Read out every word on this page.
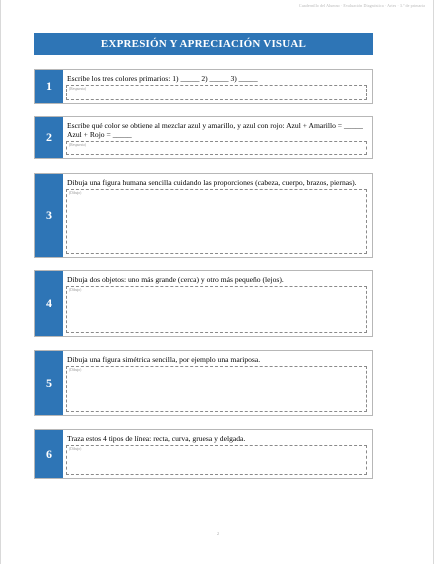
Cuadernillo del Alumno · Evaluación Diagnóstica · Artes · 3.º de primaria
EXPRESIÓN Y APRECIACIÓN VISUAL
1
Escribe los tres colores primarios: 1) _____ 2) _____ 3) _____
(Respuesta)
2
Escribe qué color se obtiene al mezclar azul y amarillo, y azul con rojo: Azul + Amarillo = _____ Azul + Rojo = _____
(Respuesta)
3
Dibuja una figura humana sencilla cuidando las proporciones (cabeza, cuerpo, brazos, piernas).
(Dibujo)
4
Dibuja dos objetos: uno más grande (cerca) y otro más pequeño (lejos).
(Dibujo)
5
Dibuja una figura simétrica sencilla, por ejemplo una mariposa.
(Dibujo)
6
Traza estos 4 tipos de línea: recta, curva, gruesa y delgada.
(Dibujo)
2
